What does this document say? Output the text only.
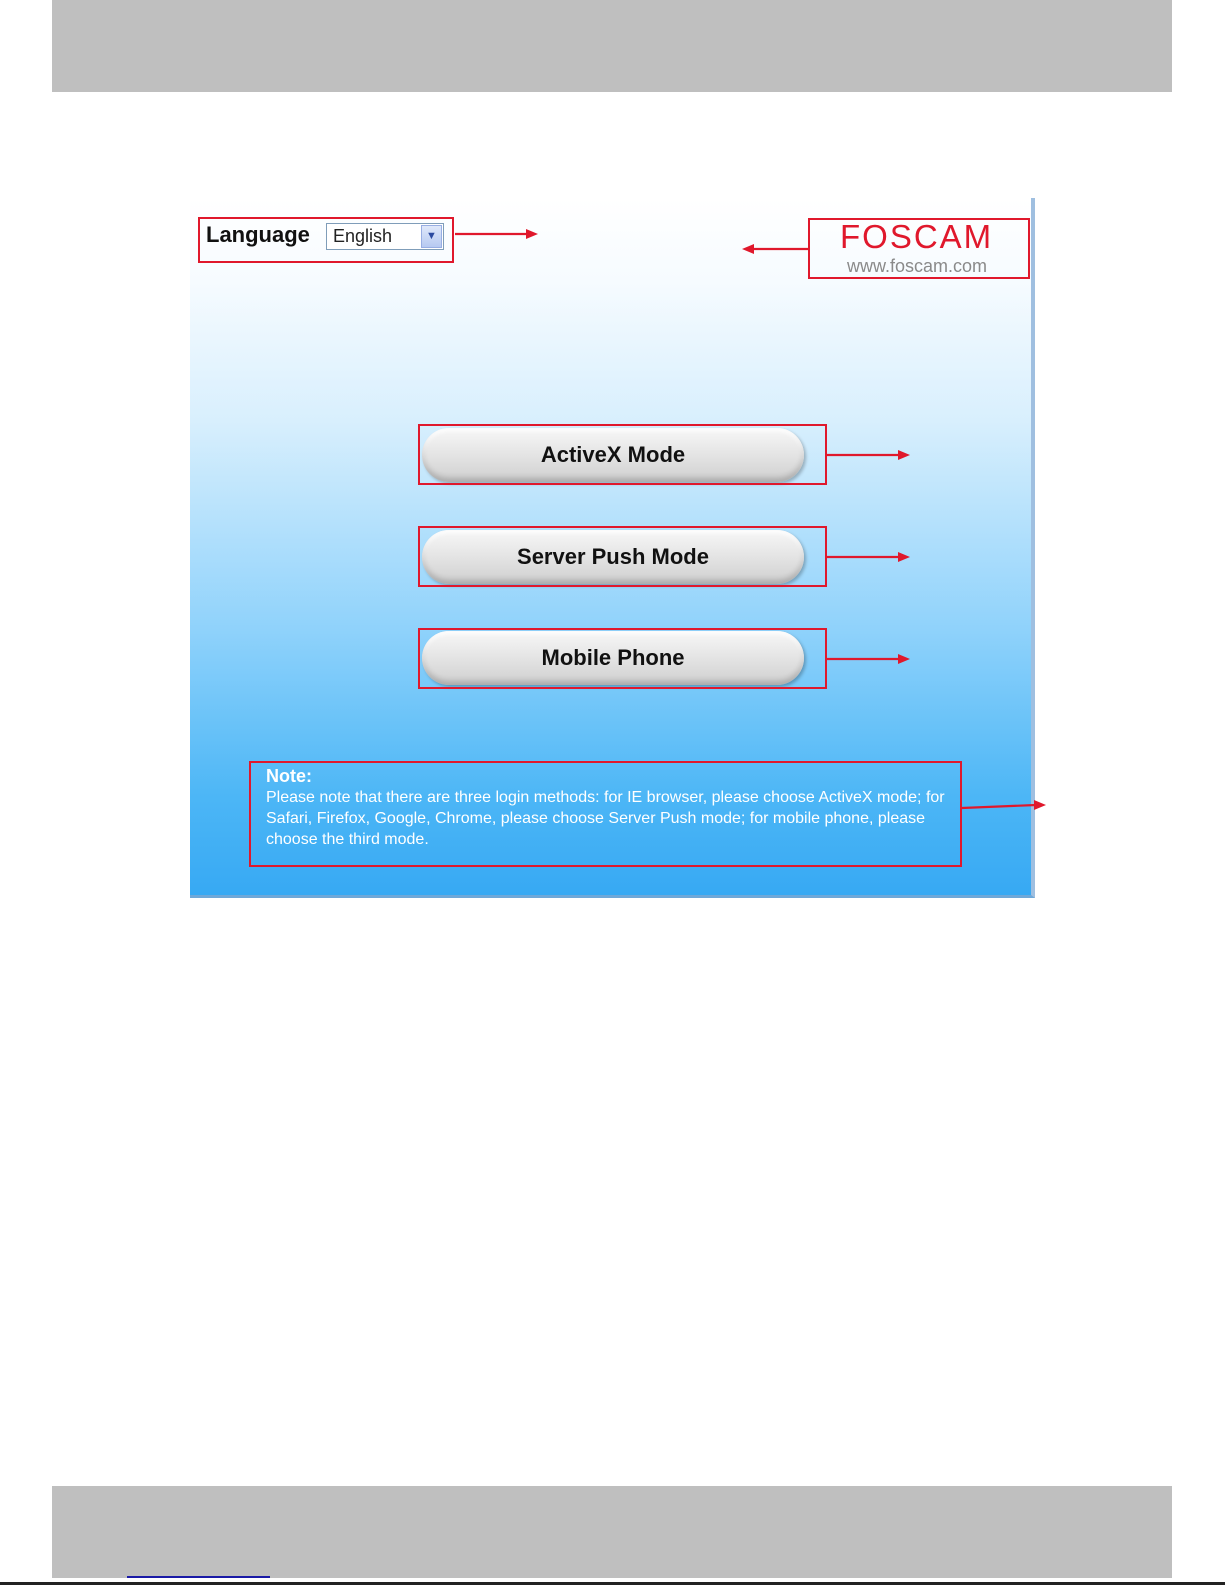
Language	English	▼	FOSCAM
www.foscam.com
ActiveX Mode
Server Push Mode
Mobile Phone
Note:
Please note that there are three login methods: for IE browser, please choose ActiveX mode; for Safari, Firefox, Google, Chrome, please choose Server Push mode; for mobile phone, please choose the third mode.
